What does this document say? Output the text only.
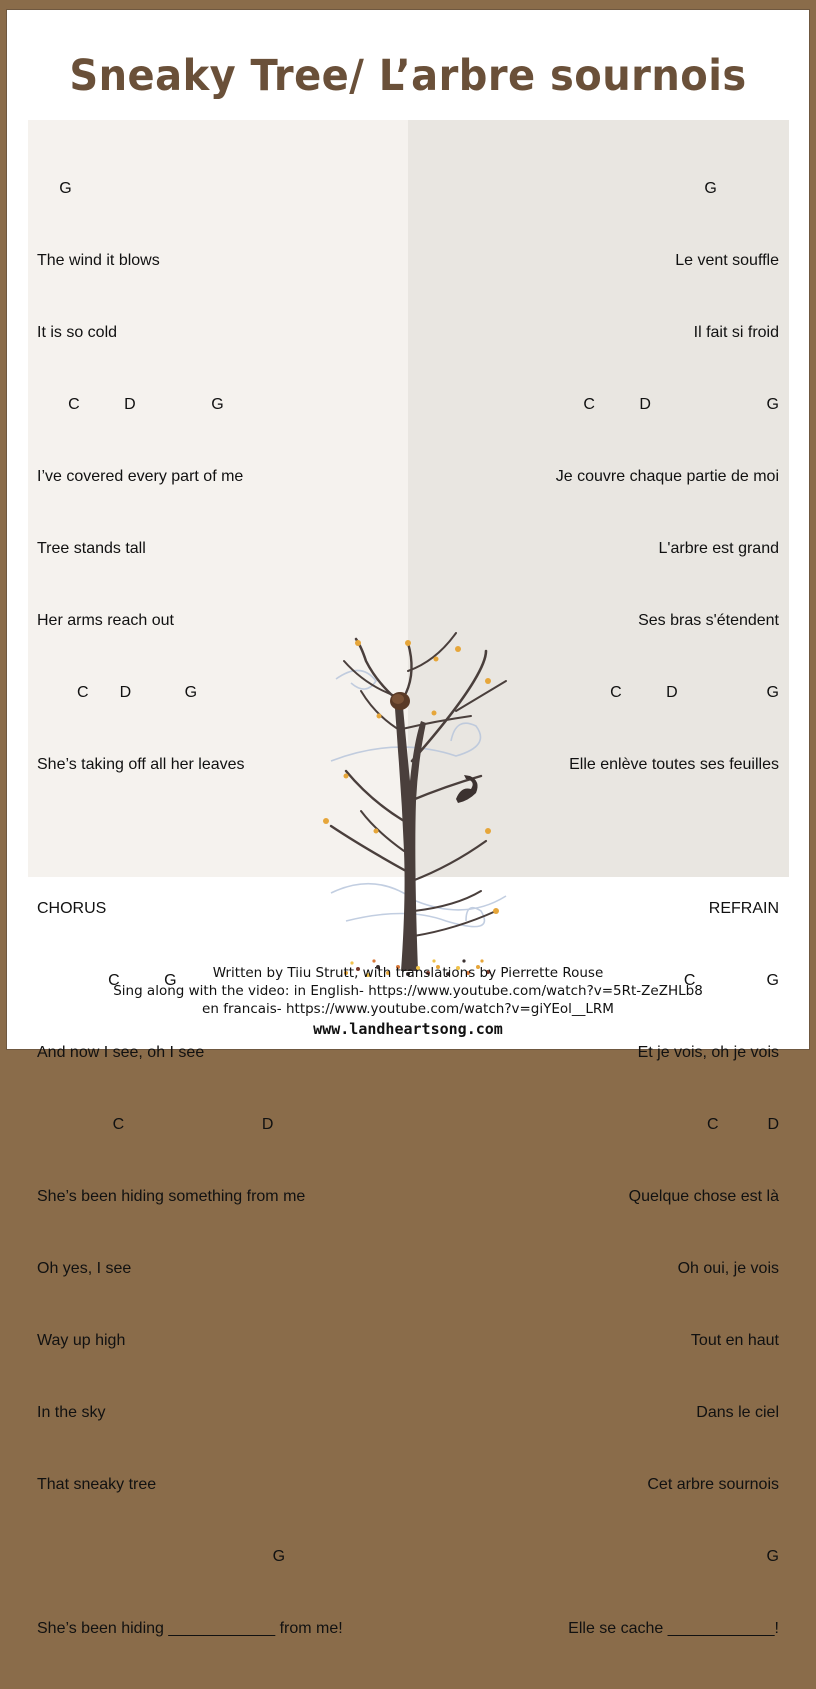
Sneaky Tree/ L’arbre sournois

G

The wind it blows

It is so cold

C          D                 G

I’ve covered every part of me

Tree stands tall

Her arms reach out

C       D            G

She’s taking off all her leaves

CHORUS

C          G

And now I see, oh I see

C                               D

She’s been hiding something from me

Oh yes, I see

Way up high

In the sky

That sneaky tree

G

She’s been hiding ____________ from me!

G

Le vent souffle

Il fait si froid

C          D                          G

Je couvre chaque partie de moi

L'arbre est grand

Ses bras s'étendent

C          D                    G

Elle enlève toutes ses feuilles

REFRAIN

C                G

Et je vois, oh je vois

C           D

Quelque chose est là

Oh oui, je vois

Tout en haut

Dans le ciel

Cet arbre sournois

G

Elle se cache ____________!

Written by Tiiu Strutt, with translations by Pierrette Rouse
Sing along with the video: in English- https://www.youtube.com/watch?v=5Rt-ZeZHLb8
en francais- https://www.youtube.com/watch?v=giYEol__LRM
www.landheartsong.com
